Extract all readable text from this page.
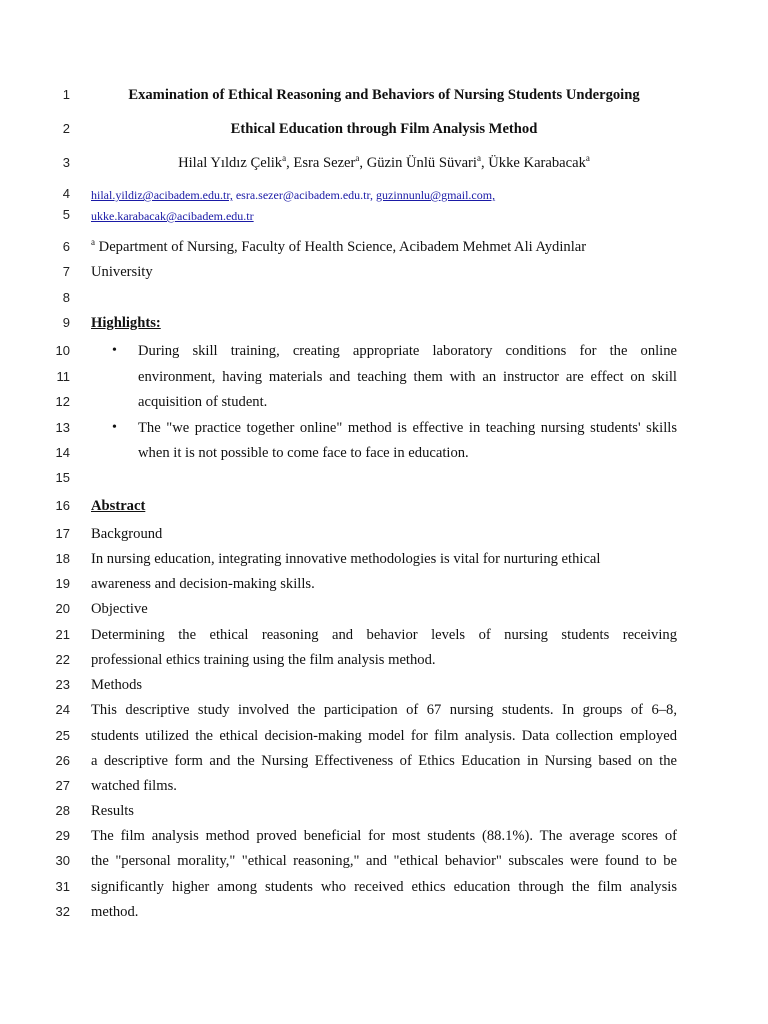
1
2
3
4
5
6
7
8
9
10
11
12
13
14
15
16
17
18
19
20
21
22
23
24
25
26
27
28
29
30
31
32
Examination of Ethical Reasoning and Behaviors of Nursing Students Undergoing
Ethical Education through Film Analysis Method
Hilal Yıldız Çelik$^a$, Esra Sezer$^a$, Güzin Ünlü Süvari$^a$, Ükke Karabacak$^a$
hilal.yildiz@acibadem.edu.tr, esra.sezer@acibadem.edu.tr, guzinnunlu@gmail.com,
ukke.karabacak@acibadem.edu.tr
$^a$ Department of Nursing, Faculty of Health Science, Acibadem Mehmet Ali Aydinlar
University
Highlights:
• During skill training, creating appropriate laboratory conditions for the online
environment, having materials and teaching them with an instructor are effect on skill
acquisition of student.
• The "we practice together online" method is effective in teaching nursing students' skills
when it is not possible to come face to face in education.
Abstract
Background
In nursing education, integrating innovative methodologies is vital for nurturing ethical
awareness and decision-making skills.
Objective
Determining the ethical reasoning and behavior levels of nursing students receiving
professional ethics training using the film analysis method.
Methods
This descriptive study involved the participation of 67 nursing students. In groups of 6–8,
students utilized the ethical decision-making model for film analysis. Data collection employed
a descriptive form and the Nursing Effectiveness of Ethics Education in Nursing based on the
watched films.
Results
The film analysis method proved beneficial for most students (88.1%). The average scores of
the "personal morality," "ethical reasoning," and "ethical behavior" subscales were found to be
significantly higher among students who received ethics education through the film analysis
method.
